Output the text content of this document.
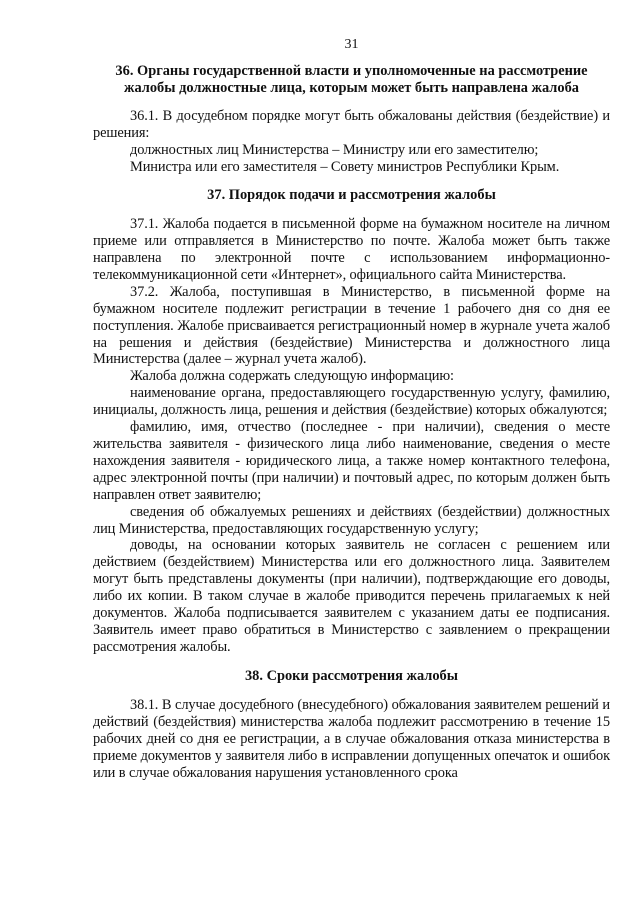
31
36. Органы государственной власти и уполномоченные на рассмотрение жалобы должностные лица, которым может быть направлена жалоба

36.1. В досудебном порядке могут быть обжалованы действия (бездействие) и решения:

должностных лиц Министерства – Министру или его заместителю;

Министра или его заместителя – Совету министров Республики Крым.

37. Порядок подачи и рассмотрения жалобы

37.1. Жалоба подается в письменной форме на бумажном носителе на личном приеме или отправляется в Министерство по почте. Жалоба может быть также направлена по электронной почте с использованием информационно-телекоммуникационной сети «Интернет», официального сайта Министерства.

37.2. Жалоба, поступившая в Министерство, в письменной форме на бумажном носителе подлежит регистрации в течение 1 рабочего дня со дня ее поступления. Жалобе присваивается регистрационный номер в журнале учета жалоб на решения и действия (бездействие) Министерства и должностного лица Министерства (далее – журнал учета жалоб).

Жалоба должна содержать следующую информацию:

наименование органа, предоставляющего государственную услугу, фамилию, инициалы, должность лица, решения и действия (бездействие) которых обжалуются;

фамилию, имя, отчество (последнее - при наличии), сведения о месте жительства заявителя - физического лица либо наименование, сведения о месте нахождения заявителя - юридического лица, а также номер контактного телефона, адрес электронной почты (при наличии) и почтовый адрес, по которым должен быть направлен ответ заявителю;

сведения об обжалуемых решениях и действиях (бездействии) должностных лиц Министерства, предоставляющих государственную услугу;

доводы, на основании которых заявитель не согласен с решением или действием (бездействием) Министерства или его должностного лица. Заявителем могут быть представлены документы (при наличии), подтверждающие его доводы, либо их копии. В таком случае в жалобе приводится перечень прилагаемых к ней документов. Жалоба подписывается заявителем с указанием даты ее подписания. Заявитель имеет право обратиться в Министерство с заявлением о прекращении рассмотрения жалобы.

38. Сроки рассмотрения жалобы

38.1. В случае досудебного (внесудебного) обжалования заявителем решений и действий (бездействия) министерства жалоба подлежит рассмотрению в течение 15 рабочих дней со дня ее регистрации, а в случае обжалования отказа министерства в приеме документов у заявителя либо в исправлении допущенных опечаток и ошибок или в случае обжалования нарушения установленного срока
